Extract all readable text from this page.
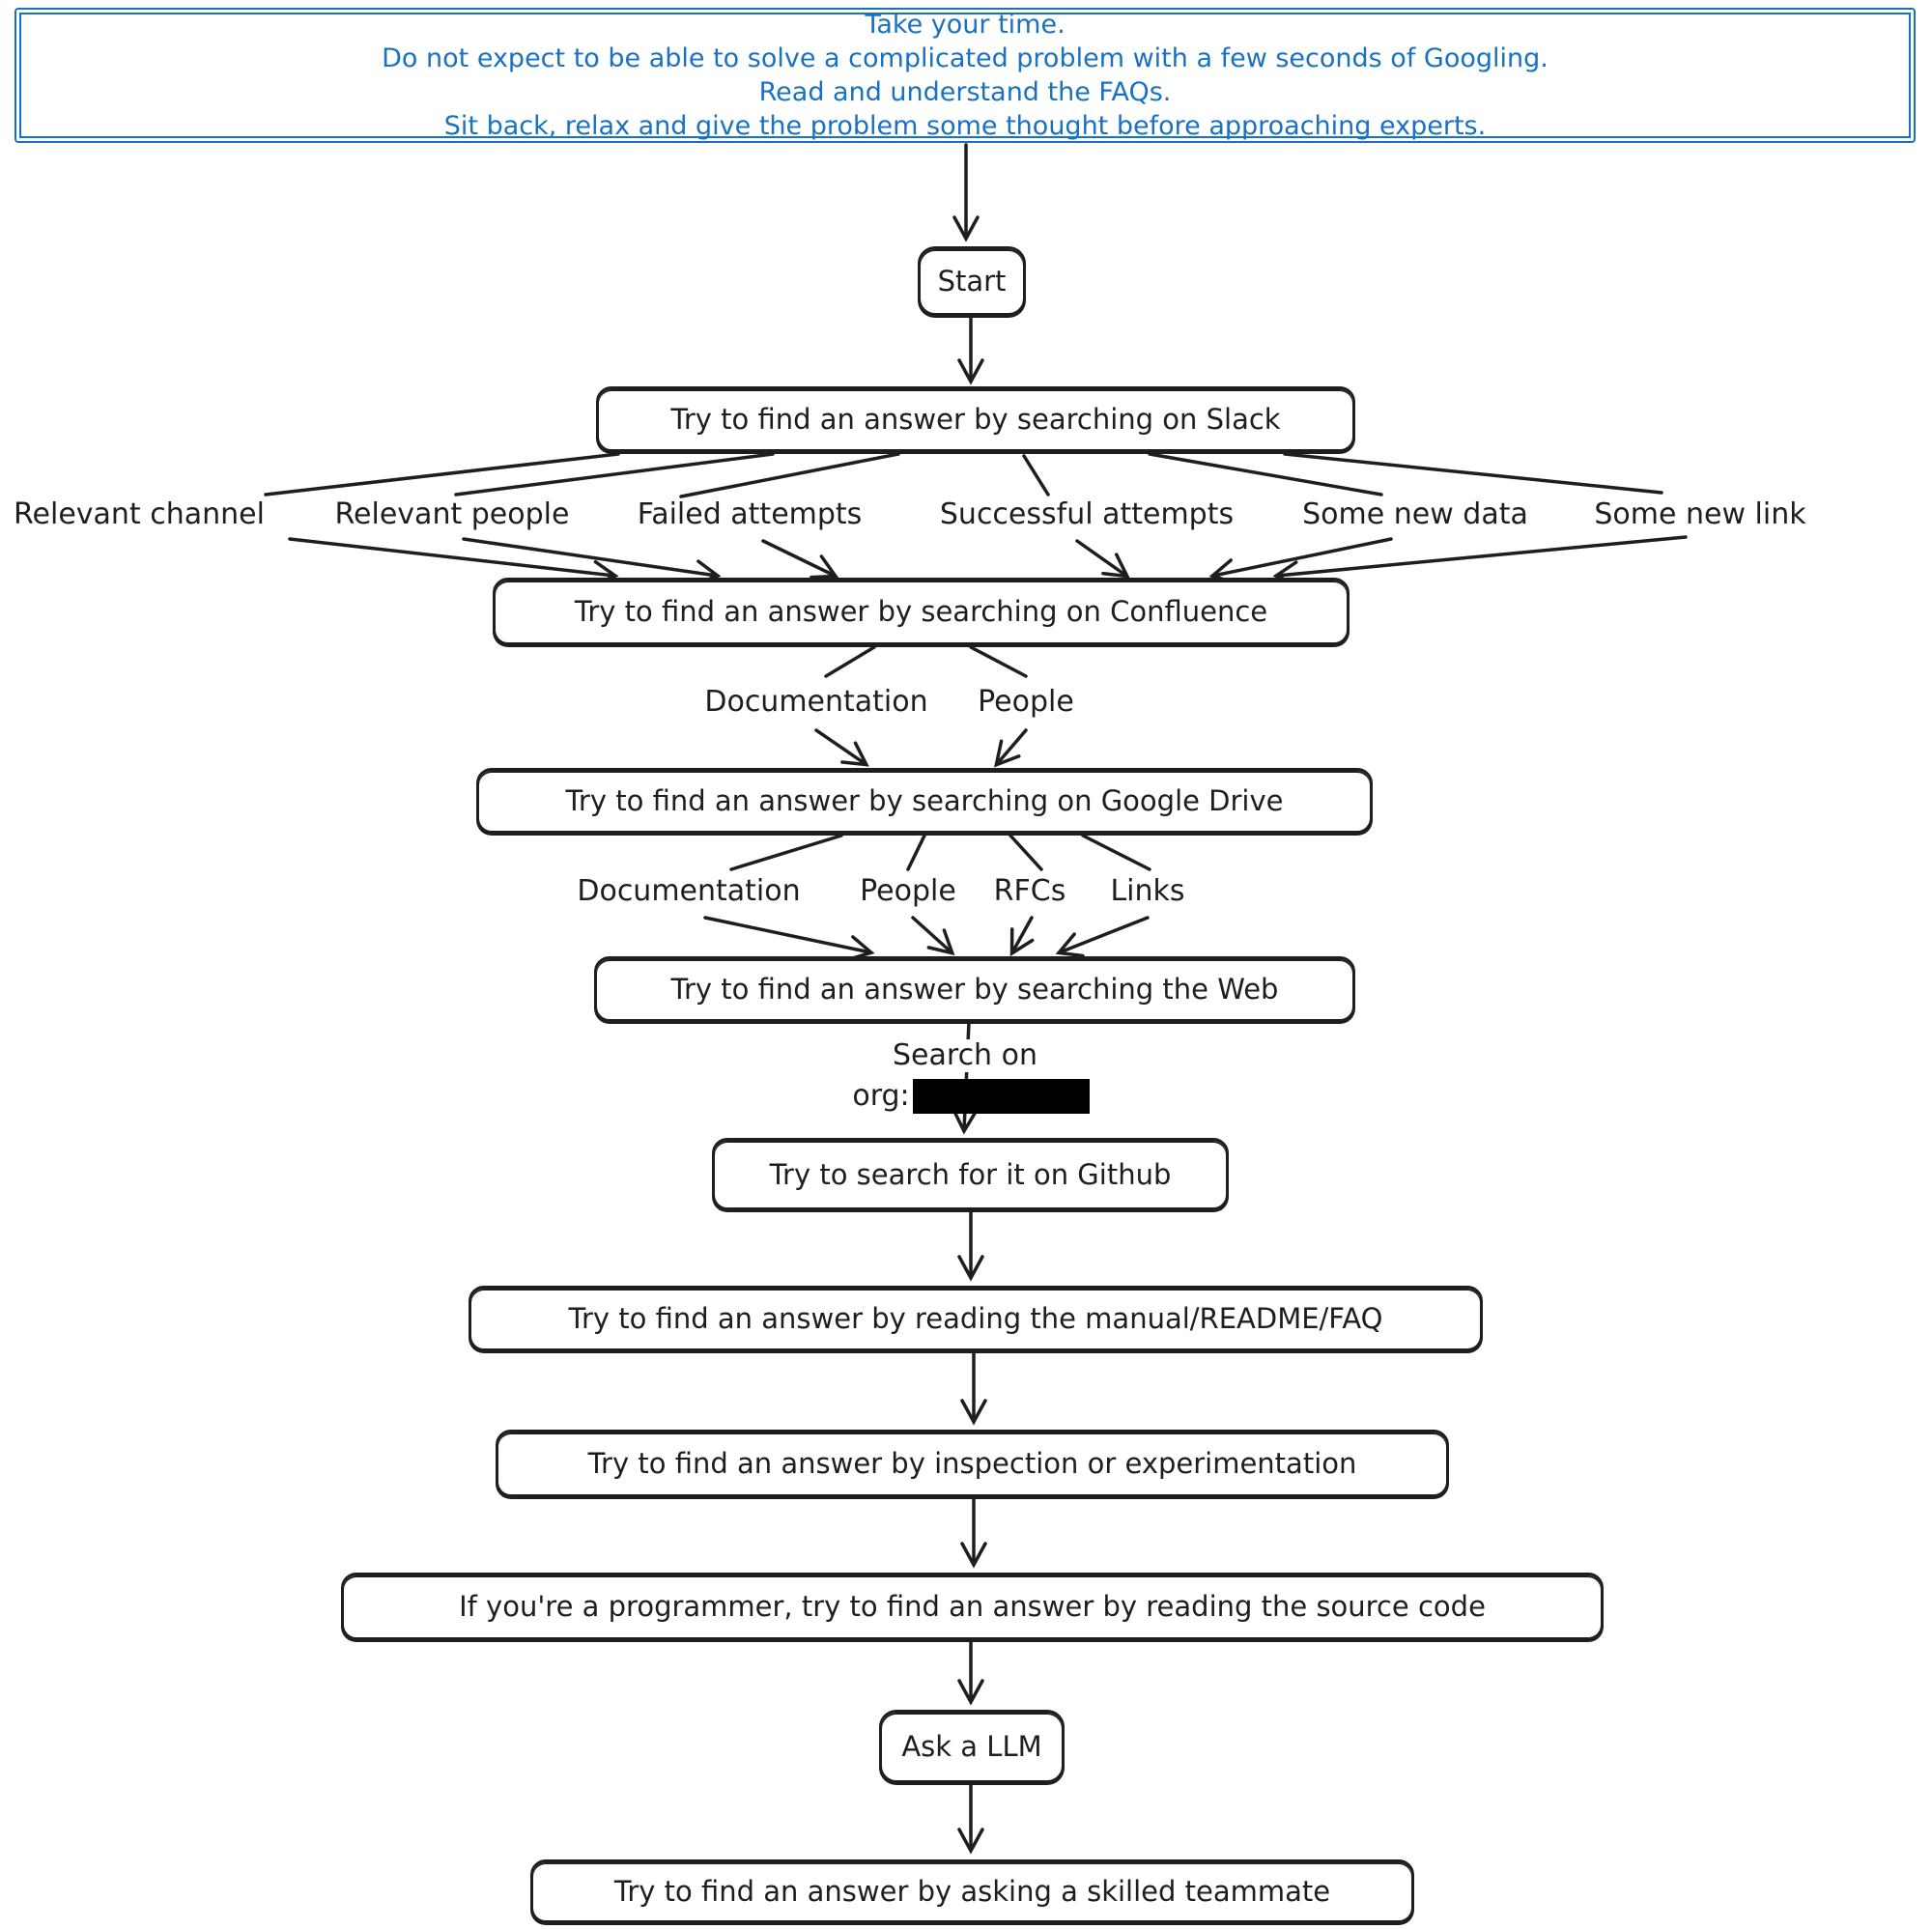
Take your time.
Do not expect to be able to solve a complicated problem with a few seconds of Googling.
Read and understand the FAQs.
Sit back, relax and give the problem some thought before approaching experts.
Start
Try to find an answer by searching on Slack
Try to find an answer by searching on Confluence
Try to find an answer by searching on Google Drive
Try to find an answer by searching the Web
Try to search for it on Github
Try to find an answer by reading the manual/README/FAQ
Try to find an answer by inspection or experimentation
If you're a programmer, try to find an answer by reading the source code
Ask a LLM
Try to find an answer by asking a skilled teammate
Relevant channel Relevant people Failed attempts	Successful attempts Some new data Some new link
Documentation People
Documentation People RFCs Links
Search on
org:
